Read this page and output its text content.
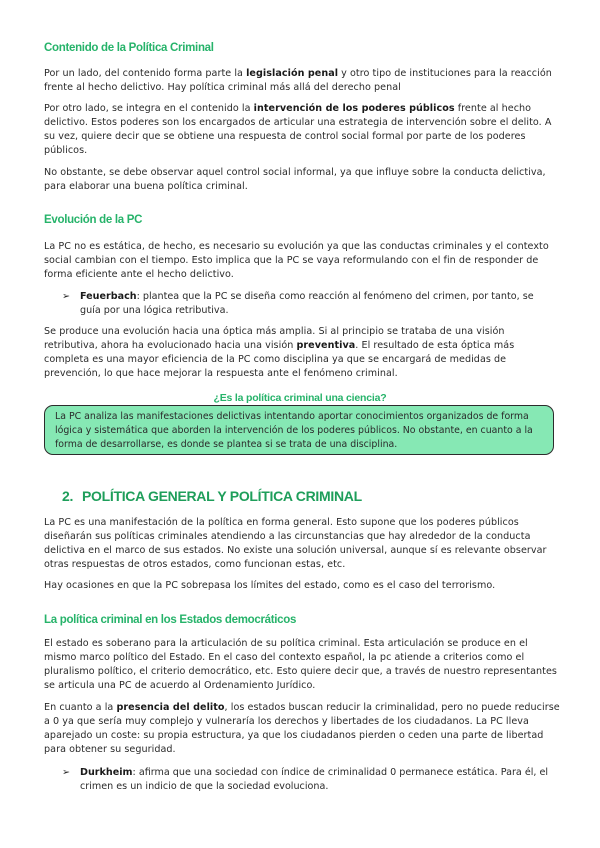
Contenido de la Política Criminal

Por un lado, del contenido forma parte la legislación penal y otro tipo de instituciones para la reacción frente al hecho delictivo. Hay política criminal más allá del derecho penal

Por otro lado, se integra en el contenido la intervención de los poderes públicos frente al hecho delictivo. Estos poderes son los encargados de articular una estrategia de intervención sobre el delito. A su vez, quiere decir que se obtiene una respuesta de control social formal por parte de los poderes públicos.

No obstante, se debe observar aquel control social informal, ya que influye sobre la conducta delictiva, para elaborar una buena política criminal.

Evolución de la PC

La PC no es estática, de hecho, es necesario su evolución ya que las conductas criminales y el contexto social cambian con el tiempo. Esto implica que la PC se vaya reformulando con el fin de responder de forma eficiente ante el hecho delictivo.

➢	Feuerbach: plantea que la PC se diseña como reacción al fenómeno del crimen, por tanto, se guía por una lógica retributiva.

Se produce una evolución hacia una óptica más amplia. Si al principio se trataba de una visión retributiva, ahora ha evolucionado hacia una visión preventiva. El resultado de esta óptica más completa es una mayor eficiencia de la PC como disciplina ya que se encargará de medidas de prevención, lo que hace mejorar la respuesta ante el fenómeno criminal.

¿Es la política criminal una ciencia?
La PC analiza las manifestaciones delictivas intentando aportar conocimientos organizados de forma lógica y sistemática que aborden la intervención de los poderes públicos. No obstante, en cuanto a la forma de desarrollarse, es donde se plantea si se trata de una disciplina.
2. POLÍTICA GENERAL Y POLÍTICA CRIMINAL

La PC es una manifestación de la política en forma general. Esto supone que los poderes públicos diseñarán sus políticas criminales atendiendo a las circunstancias que hay alrededor de la conducta delictiva en el marco de sus estados. No existe una solución universal, aunque sí es relevante observar otras respuestas de otros estados, como funcionan estas, etc.

Hay ocasiones en que la PC sobrepasa los límites del estado, como es el caso del terrorismo.

La política criminal en los Estados democráticos

El estado es soberano para la articulación de su política criminal. Esta articulación se produce en el mismo marco político del Estado. En el caso del contexto español, la pc atiende a criterios como el pluralismo político, el criterio democrático, etc. Esto quiere decir que, a través de nuestro representantes se articula una PC de acuerdo al Ordenamiento Jurídico.

En cuanto a la presencia del delito, los estados buscan reducir la criminalidad, pero no puede reducirse a 0 ya que sería muy complejo y vulneraría los derechos y libertades de los ciudadanos. La PC lleva aparejado un coste: su propia estructura, ya que los ciudadanos pierden o ceden una parte de libertad para obtener su seguridad.

➢	Durkheim: afirma que una sociedad con índice de criminalidad 0 permanece estática. Para él, el crimen es un indicio de que la sociedad evoluciona.
